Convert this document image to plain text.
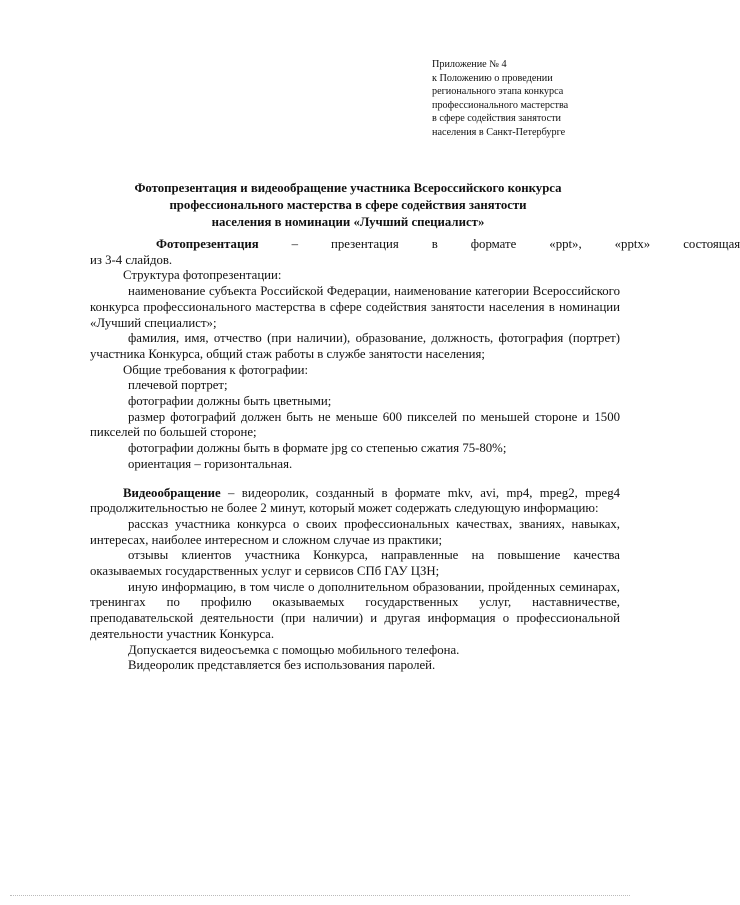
Приложение № 4
к Положению о проведении
регионального этапа конкурса
профессионального мастерства
в сфере содействия занятости
населения в Санкт-Петербурге
Фотопрезентация и видеообращение участника Всероссийского конкурса
профессионального мастерства в сфере содействия занятости
населения в номинации «Лучший специалист»
Фотопрезентация	–	презентация	в	формате	«ppt»,	«pptx»	состоящая
из 3-4 слайдов.
Структура фотопрезентации:
наименование субъекта Российской Федерации, наименование категории Всероссийского конкурса профессионального мастерства в сфере содействия занятости населения в номинации «Лучший специалист»;
фамилия, имя, отчество (при наличии), образование, должность, фотография (портрет) участника Конкурса, общий стаж работы в службе занятости населения;
Общие требования к фотографии:
плечевой портрет;
фотографии должны быть цветными;
размер фотографий должен быть не меньше 600 пикселей по меньшей стороне и 1500 пикселей по большей стороне;
фотографии должны быть в формате jpg со степенью сжатия 75-80%;
ориентация – горизонтальная.
Видеообращение – видеоролик, созданный в формате mkv, avi, mp4, mpeg2, mpeg4 продолжительностью не более 2 минут, который может содержать следующую информацию:
рассказ участника конкурса о своих профессиональных качествах, званиях, навыках, интересах, наиболее интересном и сложном случае из практики;
отзывы клиентов участника Конкурса, направленные на повышение качества оказываемых государственных услуг и сервисов СПб ГАУ ЦЗН;
иную информацию, в том числе о дополнительном образовании, пройденных семинарах, тренингах по профилю оказываемых государственных услуг, наставничестве, преподавательской деятельности (при наличии) и другая информация о профессиональной деятельности участник Конкурса.
Допускается видеосъемка с помощью мобильного телефона.
Видеоролик представляется без использования паролей.
